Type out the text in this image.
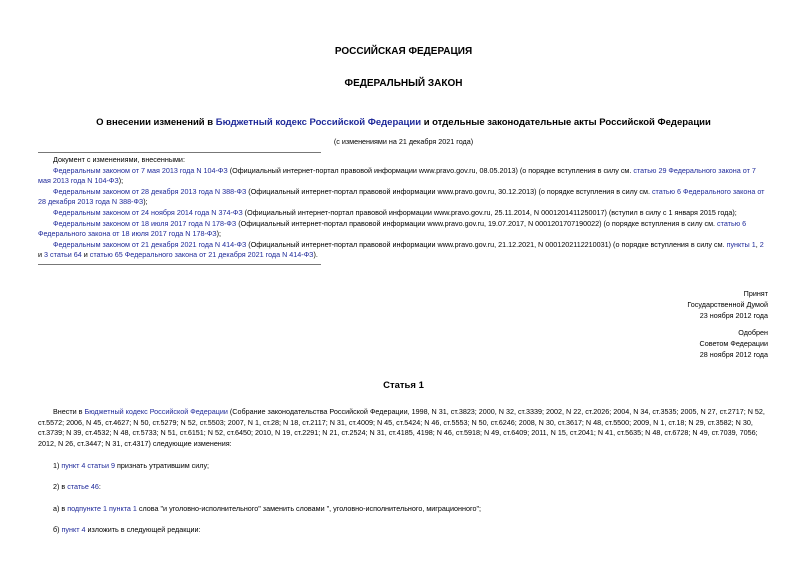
РОССИЙСКАЯ ФЕДЕРАЦИЯ
ФЕДЕРАЛЬНЫЙ ЗАКОН
О внесении изменений в Бюджетный кодекс Российской Федерации и отдельные законодательные акты Российской Федерации
(с изменениями на 21 декабря 2021 года)
Документ с изменениями, внесенными:
Федеральным законом от 7 мая 2013 года N 104-ФЗ (Официальный интернет-портал правовой информации www.pravo.gov.ru, 08.05.2013) (о порядке вступления в силу см. статью 29 Федерального закона от 7
мая 2013 года N 104-ФЗ);
Федеральным законом от 28 декабря 2013 года N 388-ФЗ (Официальный интернет-портал правовой информации www.pravo.gov.ru, 30.12.2013) (о порядке вступления в силу см. статью 6 Федерального закона от
28 декабря 2013 года N 388-ФЗ);
Федеральным законом от 24 ноября 2014 года N 374-ФЗ (Официальный интернет-портал правовой информации www.pravo.gov.ru, 25.11.2014, N 0001201411250017) (вступил в силу с 1 января 2015 года);
Федеральным законом от 18 июля 2017 года N 178-ФЗ (Официальный интернет-портал правовой информации www.pravo.gov.ru, 19.07.2017, N 0001201707190022) (о порядке вступления в силу см. статью 6
Федерального закона от 18 июля 2017 года N 178-ФЗ);
Федеральным законом от 21 декабря 2021 года N 414-ФЗ (Официальный интернет-портал правовой информации www.pravo.gov.ru, 21.12.2021, N 0001202112210031) (о порядке вступления в силу см. пункты 1, 2
и 3 статьи 64 и статью 65 Федерального закона от 21 декабря 2021 года N 414-ФЗ).
Принят
Государственной Думой
23 ноября 2012 года
Одобрен
Советом Федерации
28 ноября 2012 года
Статья 1
Внести в Бюджетный кодекс Российской Федерации (Собрание законодательства Российской Федерации, 1998, N 31, ст.3823; 2000, N 32, ст.3339; 2002, N 22, ст.2026; 2004, N 34, ст.3535; 2005, N 27, ст.2717; N 52, ст.5572; 2006, N 45, ст.4627; N 50, ст.5279; N 52, ст.5503; 2007, N 1, ст.28; N 18, ст.2117; N 31, ст.4009; N 45, ст.5424; N 46, ст.5553; N 50, ст.6246; 2008, N 30, ст.3617; N 48, ст.5500; 2009, N 1, ст.18; N 29, ст.3582; N 30, ст.3739; N 39, ст.4532; N 48, ст.5733; N 51, ст.6151; N 52, ст.6450; 2010, N 19, ст.2291; N 21, ст.2524; N 31, ст.4185, 4198; N 46, ст.5918; N 49, ст.6409; 2011, N 15, ст.2041; N 41, ст.5635; N 48, ст.6728; N 49, ст.7039, 7056; 2012, N 26, ст.3447; N 31, ст.4317) следующие изменения:
1) пункт 4 статьи 9 признать утратившим силу;
2) в статье 46:
а) в подпункте 1 пункта 1 слова "и уголовно-исполнительного" заменить словами ", уголовно-исполнительного, миграционного";
б) пункт 4 изложить в следующей редакции:
